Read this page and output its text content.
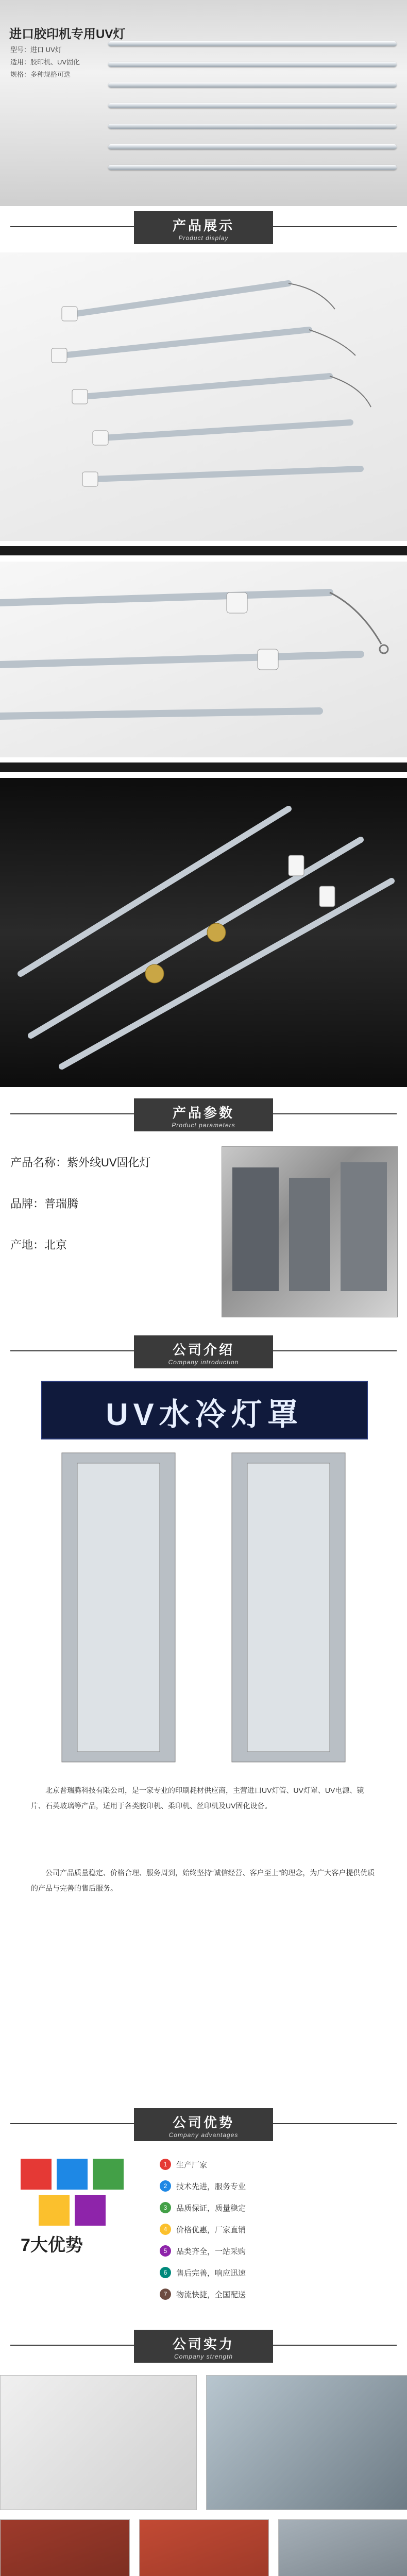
进口胶印机专用UV灯
型号：进口 UV灯
适用：胶印机、UV固化
规格：多种规格可选
产品展示
Product display
产品参数
Product parameters
产品名称：紫外线UV固化灯
品牌：普瑞腾
产地：北京
公司介绍
Company introduction
UV水冷灯罩
北京普瑞腾科技有限公司，是一家专业的印刷耗材供应商，主营进口UV灯管、UV灯罩、UV电源、镜片、石英玻璃等产品，适用于各类胶印机、柔印机、丝印机及UV固化设备。
公司产品质量稳定、价格合理、服务周到，始终坚持“诚信经营、客户至上”的理念，为广大客户提供优质的产品与完善的售后服务。
公司优势
Company advantages
7大优势
1	生产厂家
2	技术先进，服务专业
3	品质保证，质量稳定
4	价格优惠，厂家直销
5	品类齐全，一站采购
6	售后完善，响应迅速
7	物流快捷，全国配送
公司实力
Company strength
